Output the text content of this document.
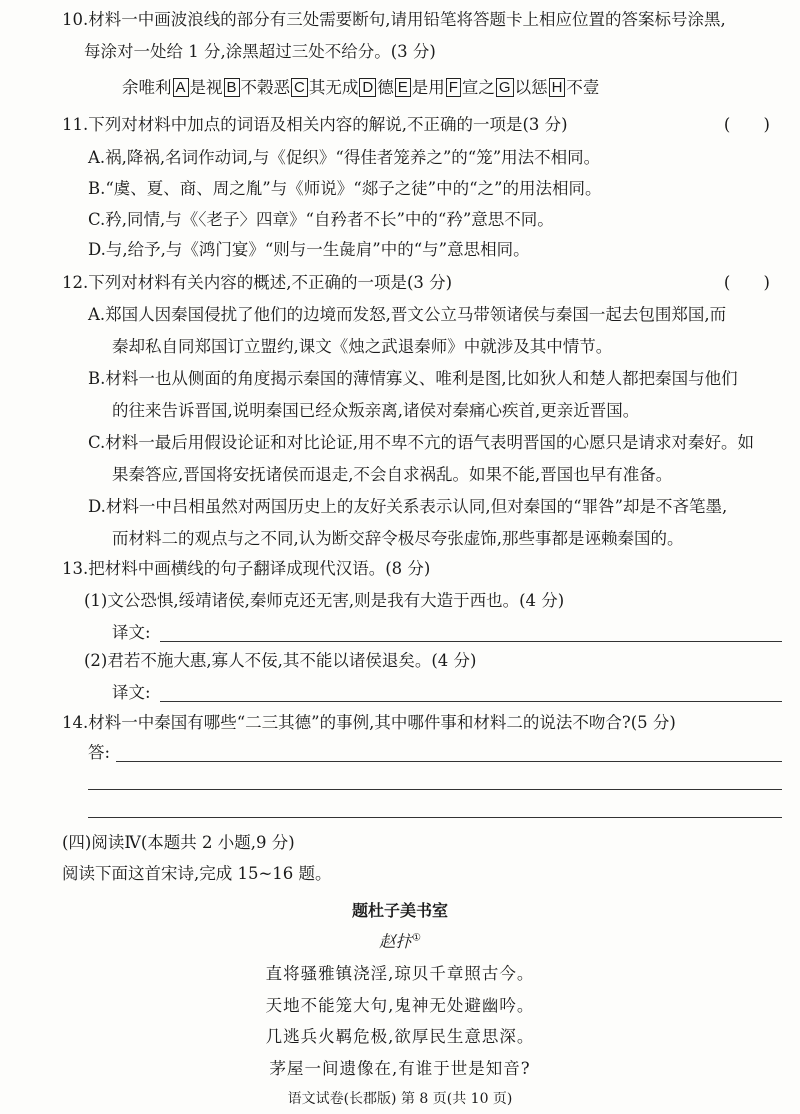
10.材料一中画波浪线的部分有三处需要断句,请用铅笔将答题卡上相应位置的答案标号涂黑,
每涂对一处给 1 分,涂黑超过三处不给分。(3 分)
余唯利 A 是视 B 不榖恶 C 其无成 D 德 E 是用 F 宣之 G 以惩 H 不壹
11.下列对材料中加点的词语及相关内容的解说,不正确的一项是(3 分)	( )
A.祸,降祸,名词作动词,与《促织》“得佳者笼养之”的“笼”用法不相同。
B.“虞、夏、商、周之胤”与《师说》“郯子之徒”中的“之”的用法相同。
C.矜,同情,与《〈老子〉四章》“自矜者不长”中的“矜”意思不同。
D.与,给予,与《鸿门宴》“则与一生彘肩”中的“与”意思相同。
12.下列对材料有关内容的概述,不正确的一项是(3 分)	( )
A.郑国人因秦国侵扰了他们的边境而发怒,晋文公立马带领诸侯与秦国一起去包围郑国,而
秦却私自同郑国订立盟约,课文《烛之武退秦师》中就涉及其中情节。
B.材料一也从侧面的角度揭示秦国的薄情寡义、唯利是图,比如狄人和楚人都把秦国与他们
的往来告诉晋国,说明秦国已经众叛亲离,诸侯对秦痛心疾首,更亲近晋国。
C.材料一最后用假设论证和对比论证,用不卑不亢的语气表明晋国的心愿只是请求对秦好。如
果秦答应,晋国将安抚诸侯而退走,不会自求祸乱。如果不能,晋国也早有准备。
D.材料一中吕相虽然对两国历史上的友好关系表示认同,但对秦国的“罪咎”却是不吝笔墨,
而材料二的观点与之不同,认为断交辞令极尽夸张虚饰,那些事都是诬赖秦国的。
13.把材料中画横线的句子翻译成现代汉语。(8 分)
(1)文公恐惧,绥靖诸侯,秦师克还无害,则是我有大造于西也。(4 分)
译文:
(2)君若不施大惠,寡人不佞,其不能以诸侯退矣。(4 分)
译文:
14.材料一中秦国有哪些“二三其德”的事例,其中哪件事和材料二的说法不吻合?(5 分)
答:
(四)阅读Ⅳ(本题共 2 小题,9 分)
阅读下面这首宋诗,完成 15~16 题。
题杜子美书室
赵抃①
直将骚雅镇浇淫,琼贝千章照古今。
天地不能笼大句,鬼神无处避幽吟。
几逃兵火羁危极,欲厚民生意思深。
茅屋一间遗像在,有谁于世是知音?
语文试卷(长郡版) 第 8 页(共 10 页)
